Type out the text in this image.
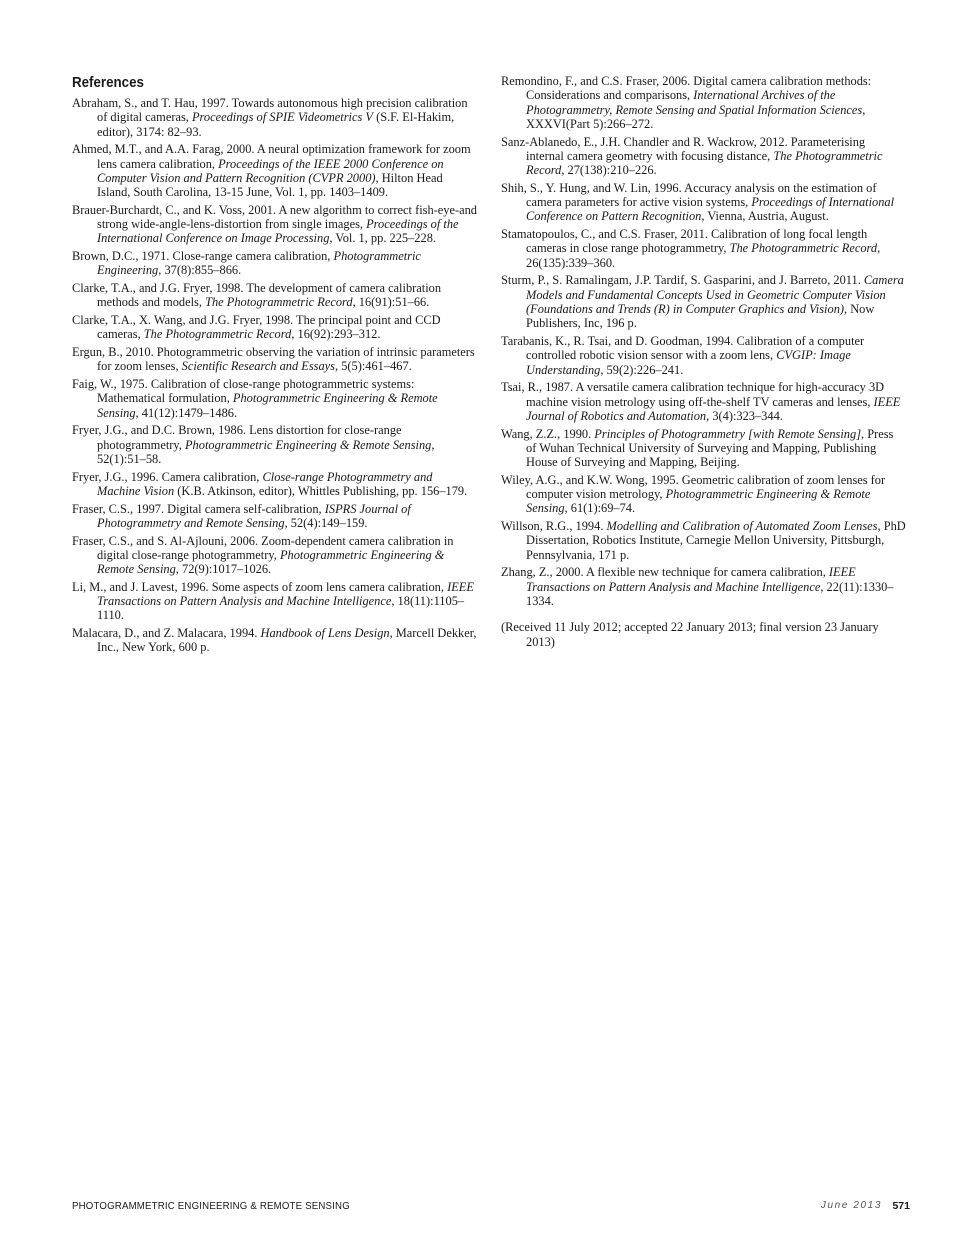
References
Abraham, S., and T. Hau, 1997. Towards autonomous high precision calibration of digital cameras, Proceedings of SPIE Videometrics V (S.F. El-Hakim, editor), 3174: 82–93.
Ahmed, M.T., and A.A. Farag, 2000. A neural optimization framework for zoom lens camera calibration, Proceedings of the IEEE 2000 Conference on Computer Vision and Pattern Recognition (CVPR 2000), Hilton Head Island, South Carolina, 13-15 June, Vol. 1, pp. 1403–1409.
Brauer-Burchardt, C., and K. Voss, 2001. A new algorithm to correct fish-eye-and strong wide-angle-lens-distortion from single images, Proceedings of the International Conference on Image Processing, Vol. 1, pp. 225–228.
Brown, D.C., 1971. Close-range camera calibration, Photogrammetric Engineering, 37(8):855–866.
Clarke, T.A., and J.G. Fryer, 1998. The development of camera calibration methods and models, The Photogrammetric Record, 16(91):51–66.
Clarke, T.A., X. Wang, and J.G. Fryer, 1998. The principal point and CCD cameras, The Photogrammetric Record, 16(92):293–312.
Ergun, B., 2010. Photogrammetric observing the variation of intrinsic parameters for zoom lenses, Scientific Research and Essays, 5(5):461–467.
Faig, W., 1975. Calibration of close-range photogrammetric systems: Mathematical formulation, Photogrammetric Engineering & Remote Sensing, 41(12):1479–1486.
Fryer, J.G., and D.C. Brown, 1986. Lens distortion for close-range photogrammetry, Photogrammetric Engineering & Remote Sensing, 52(1):51–58.
Fryer, J.G., 1996. Camera calibration, Close-range Photogrammetry and Machine Vision (K.B. Atkinson, editor), Whittles Publishing, pp. 156–179.
Fraser, C.S., 1997. Digital camera self-calibration, ISPRS Journal of Photogrammetry and Remote Sensing, 52(4):149–159.
Fraser, C.S., and S. Al-Ajlouni, 2006. Zoom-dependent camera calibration in digital close-range photogrammetry, Photogrammetric Engineering & Remote Sensing, 72(9):1017–1026.
Li, M., and J. Lavest, 1996. Some aspects of zoom lens camera calibration, IEEE Transactions on Pattern Analysis and Machine Intelligence, 18(11):1105–1110.
Malacara, D., and Z. Malacara, 1994. Handbook of Lens Design, Marcell Dekker, Inc., New York, 600 p.
Remondino, F., and C.S. Fraser, 2006. Digital camera calibration methods: Considerations and comparisons, International Archives of the Photogrammetry, Remote Sensing and Spatial Information Sciences, XXXVI(Part 5):266–272.
Sanz-Ablanedo, E., J.H. Chandler and R. Wackrow, 2012. Parameterising internal camera geometry with focusing distance, The Photogrammetric Record, 27(138):210–226.
Shih, S., Y. Hung, and W. Lin, 1996. Accuracy analysis on the estimation of camera parameters for active vision systems, Proceedings of International Conference on Pattern Recognition, Vienna, Austria, August.
Stamatopoulos, C., and C.S. Fraser, 2011. Calibration of long focal length cameras in close range photogrammetry, The Photogrammetric Record, 26(135):339–360.
Sturm, P., S. Ramalingam, J.P. Tardif, S. Gasparini, and J. Barreto, 2011. Camera Models and Fundamental Concepts Used in Geometric Computer Vision (Foundations and Trends (R) in Computer Graphics and Vision), Now Publishers, Inc, 196 p.
Tarabanis, K., R. Tsai, and D. Goodman, 1994. Calibration of a computer controlled robotic vision sensor with a zoom lens, CVGIP: Image Understanding, 59(2):226–241.
Tsai, R., 1987. A versatile camera calibration technique for high-accuracy 3D machine vision metrology using off-the-shelf TV cameras and lenses, IEEE Journal of Robotics and Automation, 3(4):323–344.
Wang, Z.Z., 1990. Principles of Photogrammetry [with Remote Sensing], Press of Wuhan Technical University of Surveying and Mapping, Publishing House of Surveying and Mapping, Beijing.
Wiley, A.G., and K.W. Wong, 1995. Geometric calibration of zoom lenses for computer vision metrology, Photogrammetric Engineering & Remote Sensing, 61(1):69–74.
Willson, R.G., 1994. Modelling and Calibration of Automated Zoom Lenses, PhD Dissertation, Robotics Institute, Carnegie Mellon University, Pittsburgh, Pennsylvania, 171 p.
Zhang, Z., 2000. A flexible new technique for camera calibration, IEEE Transactions on Pattern Analysis and Machine Intelligence, 22(11):1330–1334.
(Received 11 July 2012; accepted 22 January 2013; final version 23 January 2013)
PHOTOGRAMMETRIC ENGINEERING & REMOTE SENSING	June 2013 571
